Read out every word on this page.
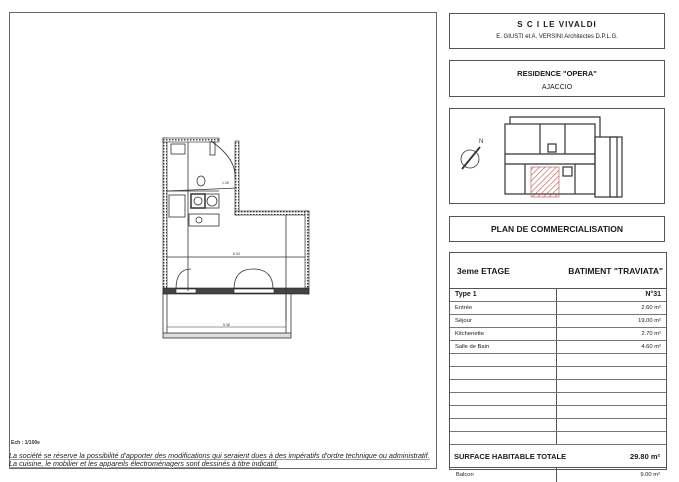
6.34
5.36
1.26
Ech : 1/100e
La société se réserve la possibilité d'apporter des modifications qui seraient dues à des impératifs d'ordre technique ou administratif.
La cuisine, le mobilier et les appareils électroménagers sont dessinés à titre indicatif.
S C I LE VIVALDI
E. GIUSTI et A. VERSINI Architectes D.P.L.G.
RESIDENCE "OPERA"
AJACCIO
N
PLAN DE COMMERCIALISATION
3eme ETAGE	BATIMENT "TRAVIATA"
Type 1	N°31
Entrée	2.60 m²
Séjour	19.00 m²
Kitchenette	2.70 m²
Salle de Bain	4.60 m²
SURFACE HABITABLE TOTALE	29.80 m²
Balcon	9.00 m²
